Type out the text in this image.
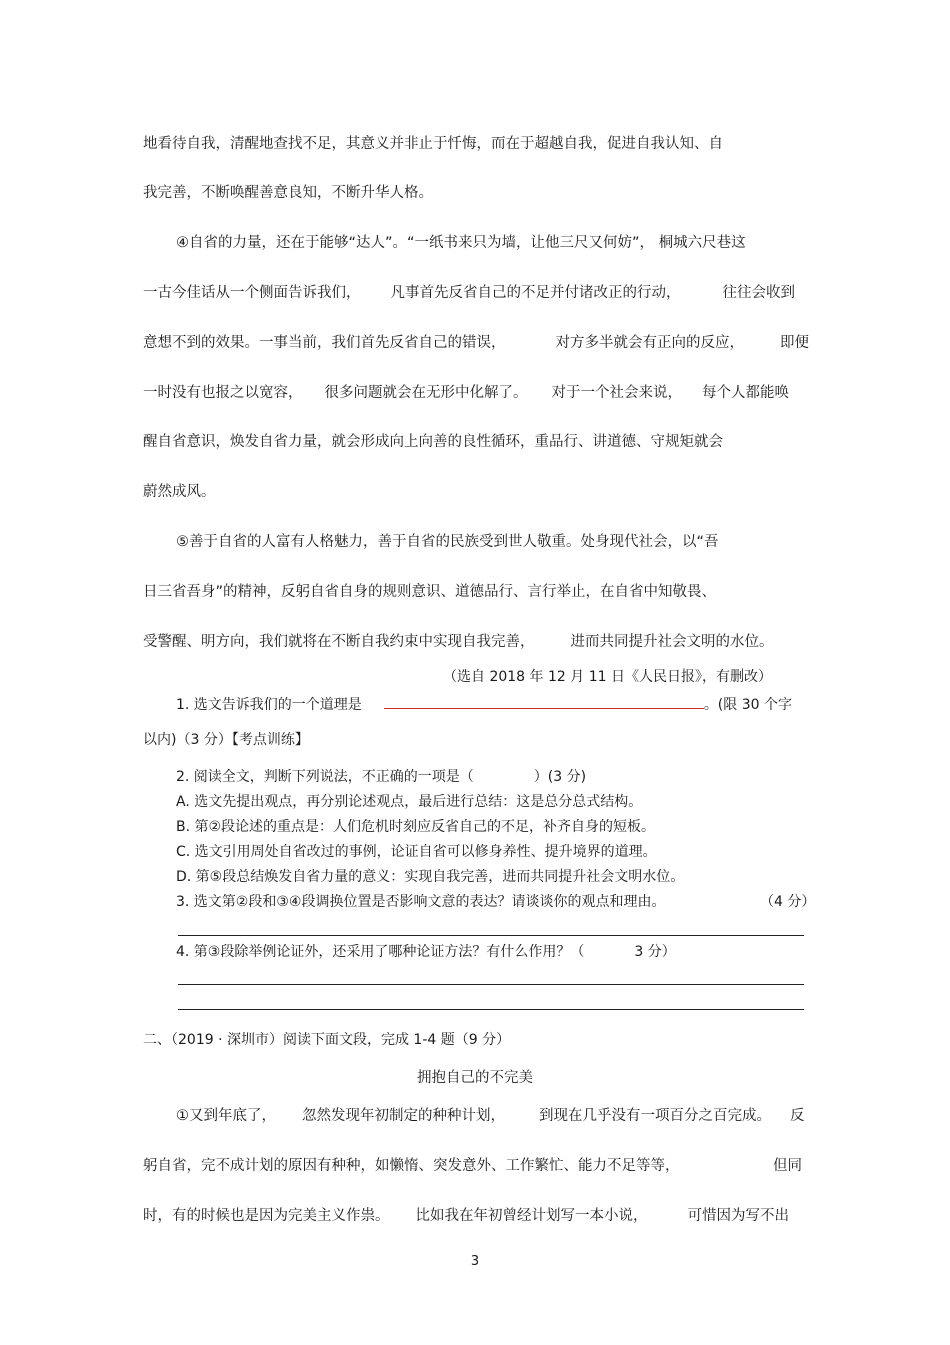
地看待自我，清醒地查找不足，其意义并非止于忏悔，而在于超越自我，促进自我认知、自
我完善，不断唤醒善意良知，不断升华人格。
④自省的力量，还在于能够“达人”。“一纸书来只为墙，让他三尺又何妨”， 桐城六尺巷这
一古今佳话从一个侧面告诉我们， 凡事首先反省自己的不足并付诸改正的行动，	往往会收到
意想不到的效果。一事当前，我们首先反省自己的错误，	对方多半就会有正向的反应， 即便
一时没有也报之以宽容， 很多问题就会在无形中化解了。 对于一个社会来说， 每个人都能唤
醒自省意识，焕发自省力量，就会形成向上向善的良性循环，重品行、讲道德、守规矩就会
蔚然成风。
⑤善于自省的人富有人格魅力，善于自省的民族受到世人敬重。处身现代社会，以“吾
日三省吾身”的精神，反躬自省自身的规则意识、道德品行、言行举止，在自省中知敬畏、
受警醒、明方向，我们就将在不断自我约束中实现自我完善， 进而共同提升社会文明的水位。
（选自 2018 年 12 月 11 日《人民日报》，有删改）
1. 选文告诉我们的一个道理是	。(限 30 个字
以内)（3 分）【考点训练】
2. 阅读全文，判断下列说法，不正确的一项是（	）(3 分)
A. 选文先提出观点，再分别论述观点，最后进行总结：这是总分总式结构。
B. 第②段论述的重点是：人们危机时刻应反省自己的不足，补齐自身的短板。
C. 选文引用周处自省改过的事例，论证自省可以修身养性、提升境界的道理。
D. 第⑤段总结焕发自省力量的意义：实现自我完善，进而共同提升社会文明水位。
3. 选文第②段和③④段调换位置是否影响文意的表达？请谈谈你的观点和理由。	（4 分）
4. 第③段除举例论证外，还采用了哪种论证方法？有什么作用？（	3 分）
二、（2019 · 深圳市）阅读下面文段，完成 1-4 题（9 分）
拥抱自己的不完美
①又到年底了， 忽然发现年初制定的种种计划， 到现在几乎没有一项百分之百完成。 反
躬自省，完不成计划的原因有种种，如懒惰、突发意外、工作繁忙、能力不足等等，	但同
时，有的时候也是因为完美主义作祟。 比如我在年初曾经计划写一本小说，	可惜因为写不出
3
